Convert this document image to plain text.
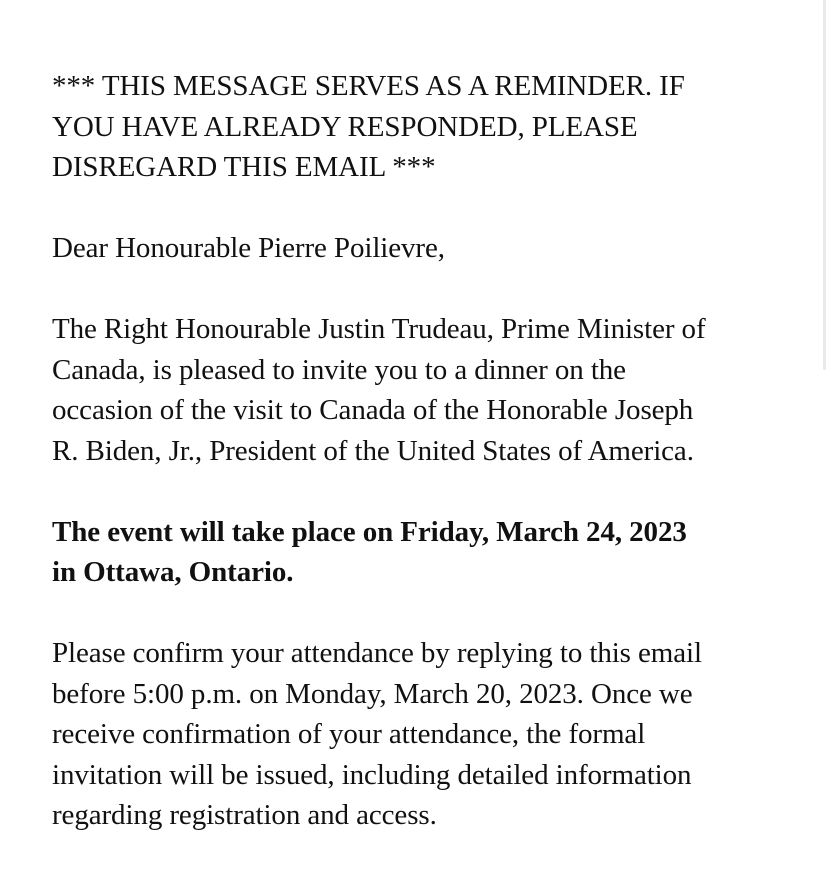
*** THIS MESSAGE SERVES AS A REMINDER. IF
YOU HAVE ALREADY RESPONDED, PLEASE
DISREGARD THIS EMAIL ***

Dear Honourable Pierre Poilievre,

The Right Honourable Justin Trudeau, Prime Minister of
Canada, is pleased to invite you to a dinner on the
occasion of the visit to Canada of the Honorable Joseph
R. Biden, Jr., President of the United States of America.

The event will take place on Friday, March 24, 2023
in Ottawa, Ontario.

Please confirm your attendance by replying to this email
before 5:00 p.m. on Monday, March 20, 2023. Once we
receive confirmation of your attendance, the formal
invitation will be issued, including detailed information
regarding registration and access.
